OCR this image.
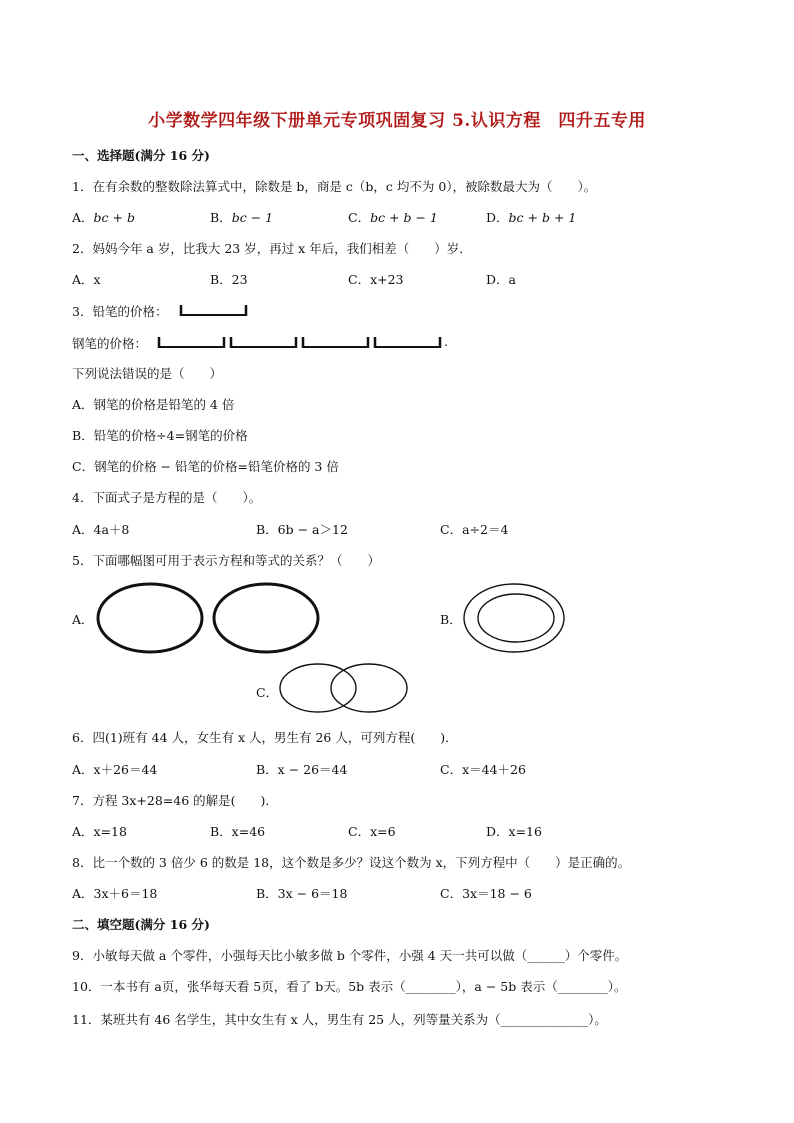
小学数学四年级下册单元专项巩固复习 5.认识方程　四升五专用
一、选择题(满分 16 分)
1．在有余数的整数除法算式中，除数是 b，商是 c（b，c 均不为 0），被除数最大为（　　）。
A．bc + b	B．bc − 1	C．bc + b − 1	D．bc + b + 1
2．妈妈今年 a 岁，比我大 23 岁，再过 x 年后，我们相差（　　）岁．
A．x	B．23	C．x+23	D．a
3．铅笔的价格：
钢笔的价格：	.
下列说法错误的是（　　）
A．钢笔的价格是铅笔的 4 倍
B．铅笔的价格÷4=钢笔的价格
C．钢笔的价格 − 铅笔的价格=铅笔价格的 3 倍
4．下面式子是方程的是（　　）。
A．4a＋8	B．6b − a＞12	C．a÷2＝4
5．下面哪幅图可用于表示方程和等式的关系？（　　）
A．	B．
C．
6．四(1)班有 44 人，女生有 x 人，男生有 26 人，可列方程(　　)．
A．x＋26＝44	B．x − 26＝44	C．x＝44＋26
7．方程 3x+28=46 的解是(　　)．
A．x=18	B．x=46	C．x=6	D．x=16
8．比一个数的 3 倍少 6 的数是 18，这个数是多少？设这个数为 x，下列方程中（　　）是正确的。
A．3x＋6＝18	B．3x − 6＝18	C．3x＝18 − 6
二、填空题(满分 16 分)
9．小敏每天做 a 个零件，小强每天比小敏多做 b 个零件，小强 4 天一共可以做（______）个零件。
10．一本书有 a页，张华每天看 5页，看了 b天。5b 表示（________），a − 5b 表示（________）。
11．某班共有 46 名学生，其中女生有 x 人，男生有 25 人，列等量关系为（______________）。
